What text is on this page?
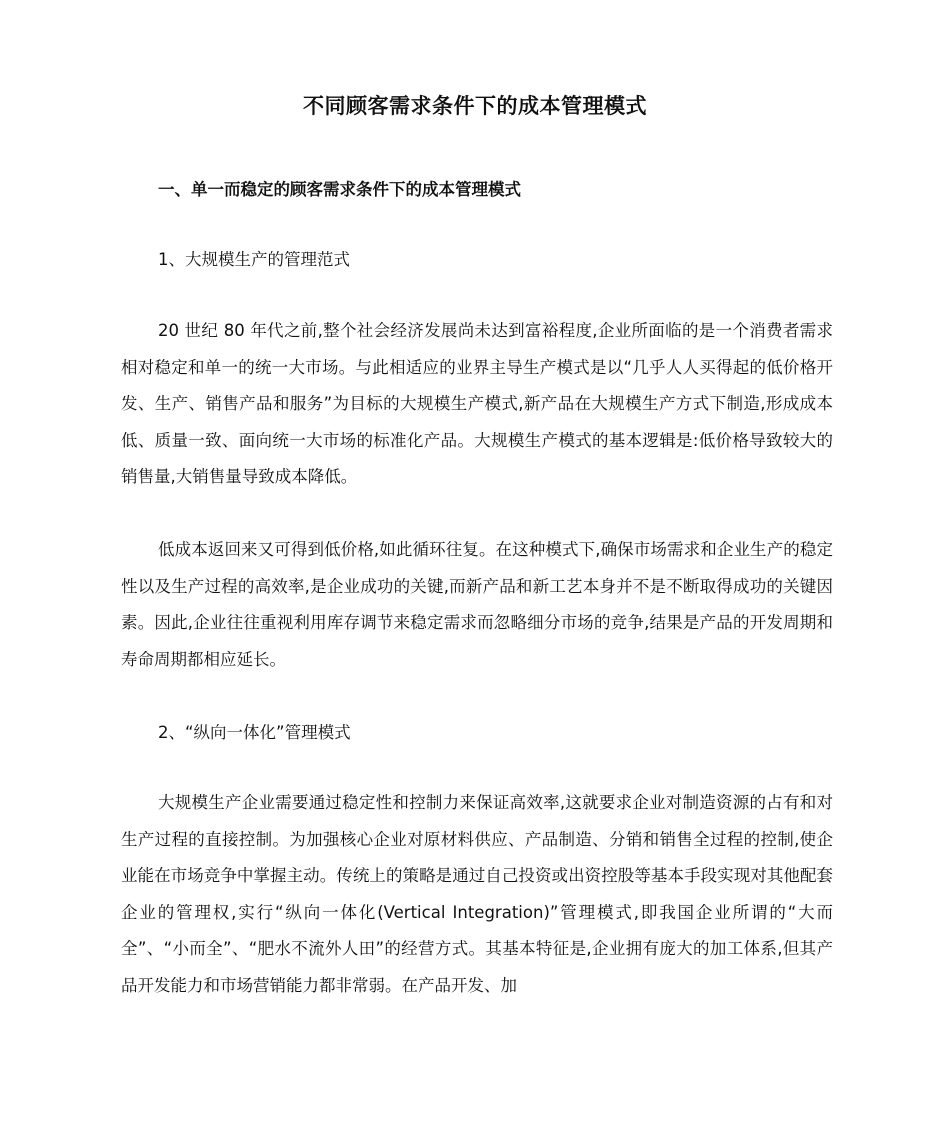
不同顾客需求条件下的成本管理模式
一、单一而稳定的顾客需求条件下的成本管理模式
1、大规模生产的管理范式

20 世纪 80 年代之前,整个社会经济发展尚未达到富裕程度,企业所面临的是一个消费者需求相对稳定和单一的统一大市场。与此相适应的业界主导生产模式是以“几乎人人买得起的低价格开发、生产、销售产品和服务”为目标的大规模生产模式,新产品在大规模生产方式下制造,形成成本低、质量一致、面向统一大市场的标准化产品。大规模生产模式的基本逻辑是:低价格导致较大的销售量,大销售量导致成本降低。

低成本返回来又可得到低价格,如此循环往复。在这种模式下,确保市场需求和企业生产的稳定性以及生产过程的高效率,是企业成功的关键,而新产品和新工艺本身并不是不断取得成功的关键因素。因此,企业往往重视利用库存调节来稳定需求而忽略细分市场的竞争,结果是产品的开发周期和寿命周期都相应延长。

2、“纵向一体化”管理模式

大规模生产企业需要通过稳定性和控制力来保证高效率,这就要求企业对制造资源的占有和对生产过程的直接控制。为加强核心企业对原材料供应、产品制造、分销和销售全过程的控制,使企业能在市场竞争中掌握主动。传统上的策略是通过自己投资或出资控股等基本手段实现对其他配套企业的管理权,实行“纵向一体化(Vertical Integration)”管理模式,即我国企业所谓的“大而全”、“小而全”、“肥水不流外人田”的经营方式。其基本特征是,企业拥有庞大的加工体系,但其产品开发能力和市场营销能力都非常弱。在产品开发、加
